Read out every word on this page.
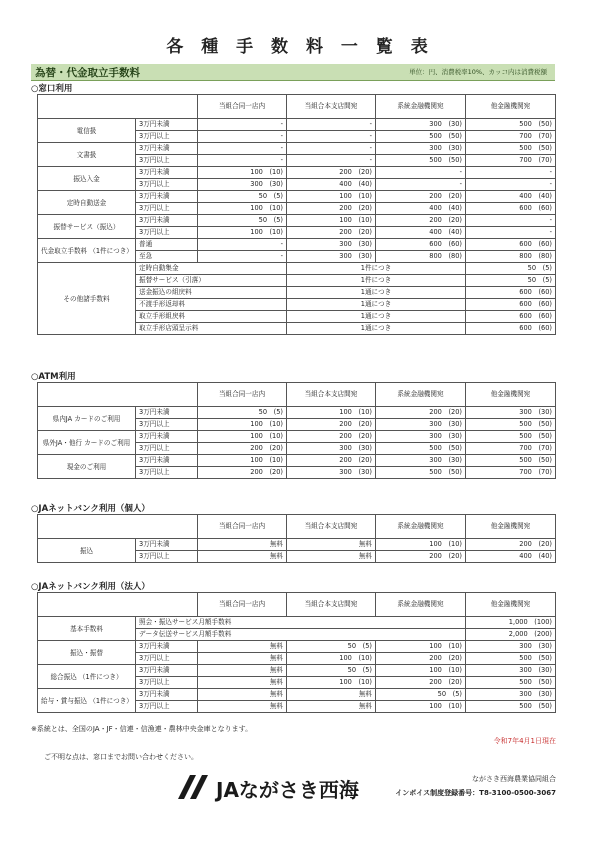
各 種 手 数 料 一 覧 表
為替・代金取立手数料	単位：円、消費税率10%、カッコ内は消費税額
○窓口利用
		当組合同一店内	当組合本支店間宛	系統金融機関宛	他金融機関宛
電信扱	3万円未満	-	-	300　(30)	500　(50)
	3万円以上	-	-	500　(50)	700　(70)
文書扱	3万円未満	-	-	300　(30)	500　(50)
	3万円以上	-	-	500　(50)	700　(70)
振込入金	3万円未満	100　(10)	200　(20)	-	-
	3万円以上	300　(30)	400　(40)	-	-
定時自動送金	3万円未満	50　(5)	100　(10)	200　(20)	400　(40)
	3万円以上	100　(10)	200　(20)	400　(40)	600　(60)
振替サービス（振込）	3万円未満	50　(5)	100　(10)	200　(20)	-
	3万円以上	100　(10)	200　(20)	400　(40)	-
代金取立手数料 （1件につき）	普通	-	300　(30)	600　(60)	600　(60)
	至急	-	300　(30)	800　(80)	800　(80)
その他諸手数料	定時自動集金		1件につき		50　(5)
	振替サービス（引落）		1件につき		50　(5)
	送金振込の組戻料		1通につき		600　(60)
	不渡手形返却料		1通につき		600　(60)
	取立手形組戻料		1通につき		600　(60)
	取立手形店頭呈示料		1通につき		600　(60)
○ATM利用
		当組合同一店内	当組合本支店間宛	系統金融機関宛	他金融機関宛
県内JA カードのご利用	3万円未満	50　(5)	100　(10)	200　(20)	300　(30)
	3万円以上	100　(10)	200　(20)	300　(30)	500　(50)
県外JA・他行 カードのご利用	3万円未満	100　(10)	200　(20)	300　(30)	500　(50)
	3万円以上	200　(20)	300　(30)	500　(50)	700　(70)
現金のご利用	3万円未満	100　(10)	200　(20)	300　(30)	500　(50)
	3万円以上	200　(20)	300　(30)	500　(50)	700　(70)
○JAネットバンク利用（個人）
		当組合同一店内	当組合本支店間宛	系統金融機関宛	他金融機関宛
振込	3万円未満	無料	無料	100　(10)	200　(20)
	3万円以上	無料	無料	200　(20)	400　(40)
○JAネットバンク利用（法人）
		当組合同一店内	当組合本支店間宛	系統金融機関宛	他金融機関宛
基本手数料	照会・振込サービス月額手数料				1,000　(100)
	データ伝送サービス月額手数料				2,000　(200)
振込・振替	3万円未満	無料	50　(5)	100　(10)	300　(30)
	3万円以上	無料	100　(10)	200　(20)	500　(50)
総合振込 （1件につき）	3万円未満	無料	50　(5)	100　(10)	300　(30)
	3万円以上	無料	100　(10)	200　(20)	500　(50)
給与・賞与振込 （1件につき）	3万円未満	無料	無料	50　(5)	300　(30)
	3万円以上	無料	無料	100　(10)	500　(50)
※系統とは、全国のJA・JF・信連・信漁連・農林中央金庫となります。
令和7年4月1日現在
ご不明な点は、窓口までお問い合わせください。
JAながさき西海	ながさき西海農業協同組合
インボイス制度登録番号：T8-3100-0500-3067
